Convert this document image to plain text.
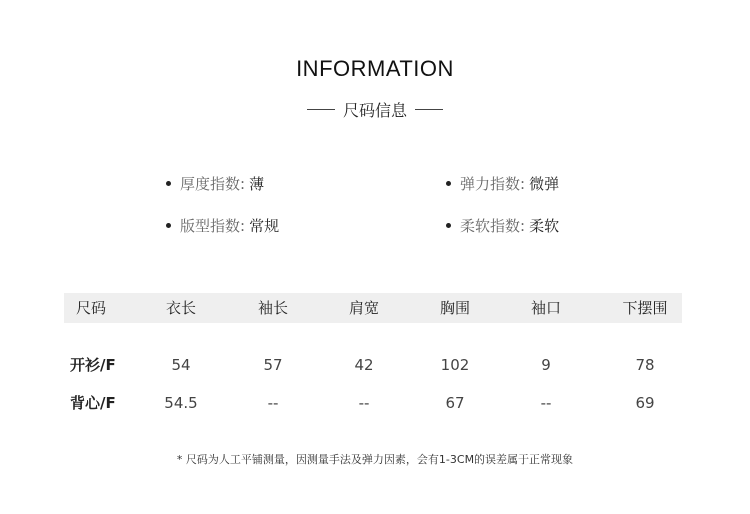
INFORMATION
尺码信息
厚度指数: 薄	弹力指数: 微弹
版型指数: 常规	柔软指数: 柔软
尺码	衣长	袖长	肩宽	胸围	袖口	下摆围
开衫/F	54	57	42	102	9	78
背心/F	54.5	--	--	67	--	69
* 尺码为人工平铺测量，因测量手法及弹力因素，会有1-3CM的误差属于正常现象
